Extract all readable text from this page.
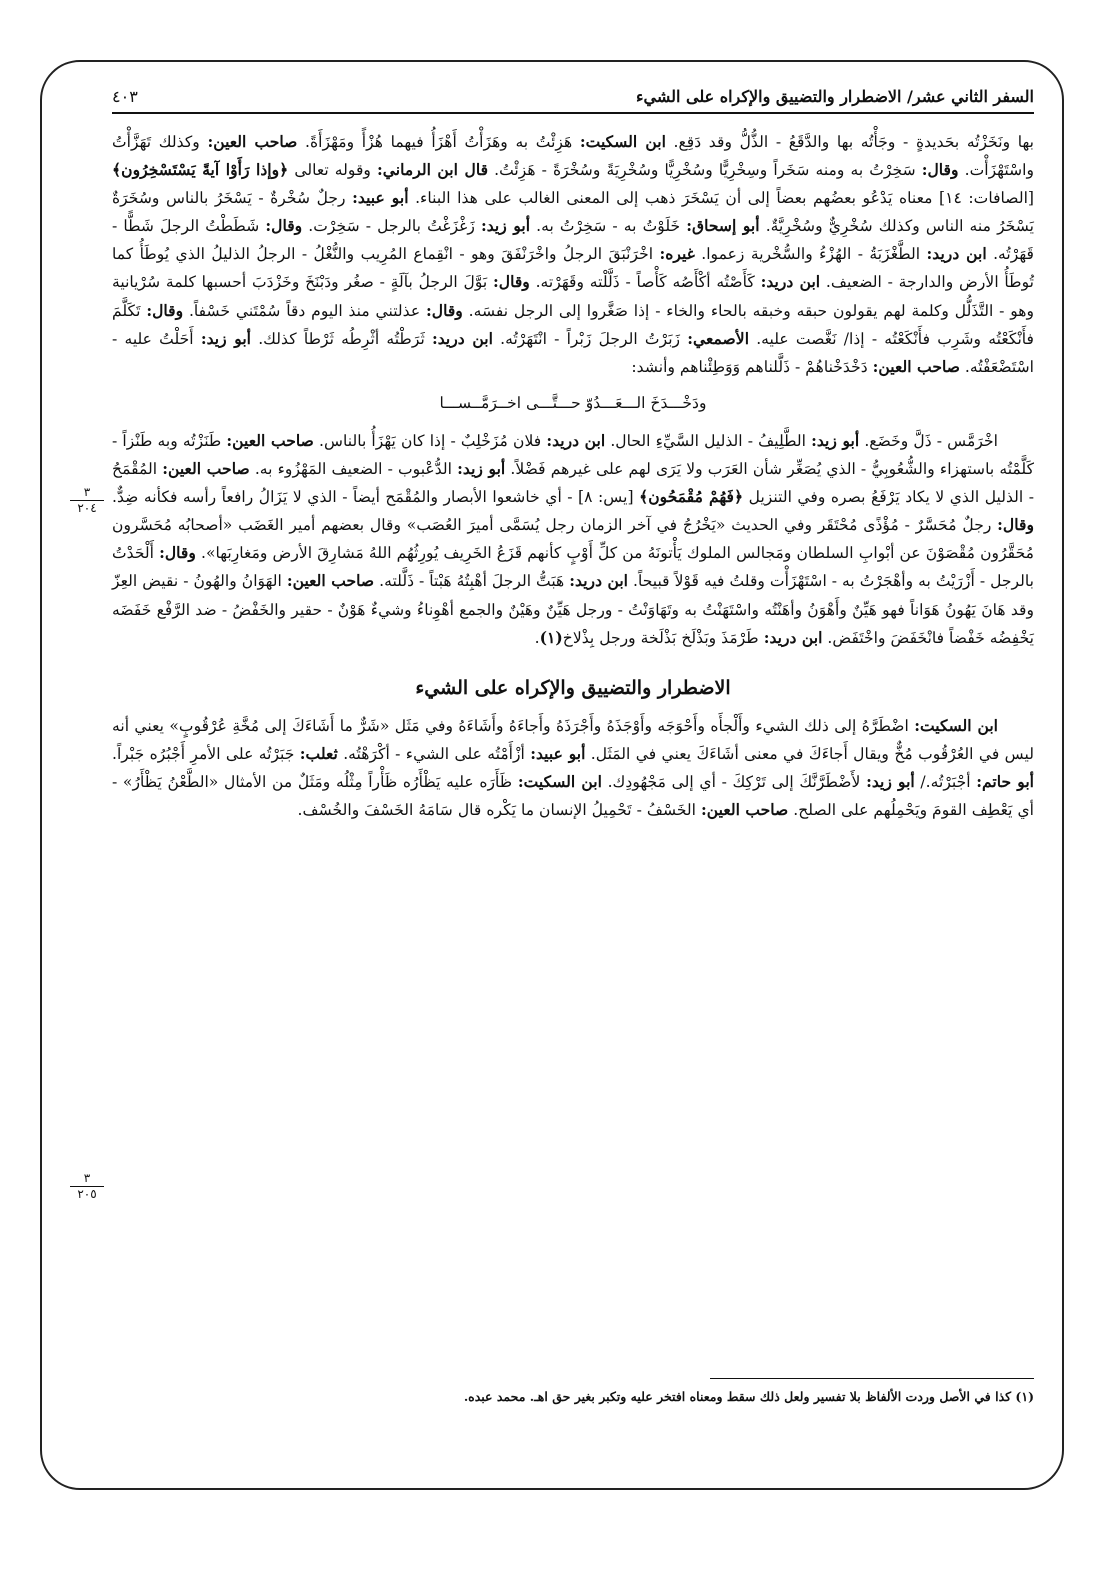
السفر الثاني عشر/ الاضطرار والتضييق والإكراه على الشيء
٤٠٣
٣
٢٠٤
٣
٢٠٥

بها ونَخَزْتُه بحَديدةٍ - وجَأْتُه بها والدَّقَعُ - الذُّلُّ وقد دَقِع. ابن السكيت: هَزِئْتُ به وهَزَأْتُ أَهْزَأُ فيهما هُزْأً ومَهْزَأَةً. صاحب العين: وكذلك تَهَزَّأْتُ واسْتَهْزَأْت. وقال: سَخِرْتُ به ومنه سَخَراً وسِخْرِيًّا وسُخْرِيًّا وسُخْرِيَةً وسُخْرَةً - هَزِئْتُ. قال ابن الرماني: وقوله تعالى ﴿وإذا رَأَوْا آيةً يَسْتَسْخِرُون﴾ [الصافات: ١٤] معناه يَدْعُو بعضُهم بعضاً إلى أن يَسْخَرَ ذهب إلى المعنى الغالب على هذا البناء. أبو عبيد: رجلٌ سُخْرةٌ - يَسْخَرُ بالناس وسُخَرَةٌ يَسْخَرُ منه الناس وكذلك سُخْرِيٌّ وسُخْرِيَّةٌ. أبو إسحاق: خَلَوْتُ به - سَخِرْتُ به. أبو زيد: زَغْزَغْتُ بالرجل - سَخِرْت. وقال: شَطَطْتُ الرجلَ شَطًّا - قَهَرْتُه. ابن دريد: الطَّغْزَبَةُ - الهُزْءُ والسُّخْرية زعموا. غيره: اخْرَنْبَقَ الرجلُ واخْرَنْفَقَ وهو - انْقِماع المُرِيب والنُّغْلُ - الرجلُ الذليلُ الذي يُوطَأُ كما تُوطَأُ الأرض والدارجة - الضعيف. ابن دريد: كَأَصْتُه أكْأَصُه كَأْصاً - ذَلَّلْته وقَهَرْته. وقال: بَوَّلَ الرجلُ بآلَةٍ - صغُر ودَبْنَخَ وخَزْدَبَ أحسبها كلمة سُرْيانية وهو - التَّذَلُّل وكلمة لهم يقولون حبقه وخبقه بالحاء والخاء - إذا صَغَّروا إلى الرجل نفسَه. وقال: عذلتني منذ اليوم دقاً سُمْتَني خَسْفاً. وقال: تَكَلَّمَ فأَنْكَعْتُه وشَرِب فأَنْكَعْتُه - إذا/ نَغَّصت عليه. الأصمعي: زَبَرْتُ الرجلَ زَبْراً - انْتَهَرْتُه. ابن دريد: ثَرَطْتُه أثْرِطُه ثَرْطاً كذلك. أبو زيد: أَحَلْتُ عليه - اسْتَضْعَفْتُه. صاحب العين: دَخْدَخْناهُمْ - ذَلَّلناهم وَوَطِئْناهم وأنشد:

ودَخْـــدَخَ الـــعَـــدُوّ حـــتَّـــى اخــرَمَّــســـا

اخْرَمَّس - ذَلَّ وخَضَع. أبو زيد: الطَّلِيفُ - الذليل السَّيِّءِ الحال. ابن دريد: فلان مُزَخْلِبٌ - إذا كان يَهْزَأُ بالناس. صاحب العين: طَنَزْتُه وبه طَنْزاً - كَلَّمْتُه باستهزاء والشُّعُوبِيُّ - الذي يُصَغِّر شأن العَرَب ولا يَرَى لهم على غيرهم فَضْلاً. أبو زيد: الدُّعْبوب - الضعيف المَهْزُوء به. صاحب العين: المُقْمَحُ - الذليل الذي لا يكاد يَرْفَعُ بصره وفي التنزيل ﴿فَهُمْ مُقْمَحُون﴾ [يس: ٨] - أي خاشعوا الأبصار والمُقْمَح أيضاً - الذي لا يَزَالُ رافعاً رأسه فكأنه ضِدٌّ. وقال: رجلٌ مُحَسَّرٌ - مُؤْذًى مُحْتَقَر وفي الحديث «يَخْرُجُ في آخر الزمان رجل يُسَمَّى أميرَ العُصَب» وقال بعضهم أمير الغَضَب «أصحابُه مُحَسَّرون مُحَقَّرُون مُقْصَوْنَ عن أبْوابِ السلطان ومَجالس الملوك يَأْتونَهُ من كلِّ أَوْبٍ كأنهم قَزَعُ الخَرِيف يُورِثُهُم اللهُ مَشارِقَ الأرض ومَغارِبَها». وقال: أَلْحَدْتُ بالرجل - أَزْرَيْتُ به وأهْجَرْتُ به - اسْتَهْزَأْت وقلتُ فيه قَوْلاً قبيحاً. ابن دريد: هَبَتُّ الرجلَ أهْبِتُهُ هَبْتاً - ذَلَّلته. صاحب العين: الهَوَانُ والهُونُ - نقيض العِزّ وقد هَانَ يَهُونُ هَوَاناً فهو هَيِّنٌ وأَهْوَنُ وأهَنْتُه واسْتَهَنْتُ به وتَهَاوَنْتُ - ورجل هَيِّنٌ وهَيْنٌ والجمع أهْوِناءُ وشيءٌ هَوْنٌ - حقير والخَفْضُ - ضد الرَّفْع خَفَضَه يَخْفِضُه خَفْضاً فانْخَفَضَ واخْتَفَض. ابن دريد: طَرْمَذَ وبَذْلَخ بَذْلَخة ورجل بِذْلاخ(١).

الاضطرار والتضييق والإكراه على الشيء

ابن السكيت: اضْطَرَّهُ إلى ذلك الشيء وأَلْجأَه وأَحْوَجَه وأَوْجَذَهُ وأَجْرَذَهُ وأَجاءَهُ وأَشَاءَهُ وفي مَثَل «شَرٌّ ما أَشَاءَكَ إلى مُخَّةِ عُرْقُوبٍ» يعني أنه ليس في العُرْقُوب مُخٌّ ويقال أَجاءَكَ في معنى أشَاءَكَ يعني في المَثَل. أبو عبيد: أزْأَمْتُه على الشيء - أكْرَهْتُه. ثعلب: جَبَرْتُه على الأمرِ أَجْبُرُه جَبْراً. أبو حاتم: أجْبَرْتُه./ أبو زيد: لأَضْطَرَّنَّكَ إلى تَرْكِكَ - أي إلى مَجْهُودِك. ابن السكيت: ظَأَرَه عليه يَظْأَرُه ظَأْراً مِثْلُه ومَثَلٌ من الأمثال «الطَّعْنُ يَظْأَرُ» - أي يَعْطِف القومَ ويَحْمِلُهم على الصلح. صاحب العين: الخَسْفُ - تَحْمِيلُ الإنسان ما يَكْره قال سَامَهُ الخَسْفَ والخُسْف.

(١) كذا في الأصل وردت الألفاظ بلا تفسير ولعل ذلك سقط ومعناه افتخر عليه وتكبر بغير حق اهـ. محمد عبده.
